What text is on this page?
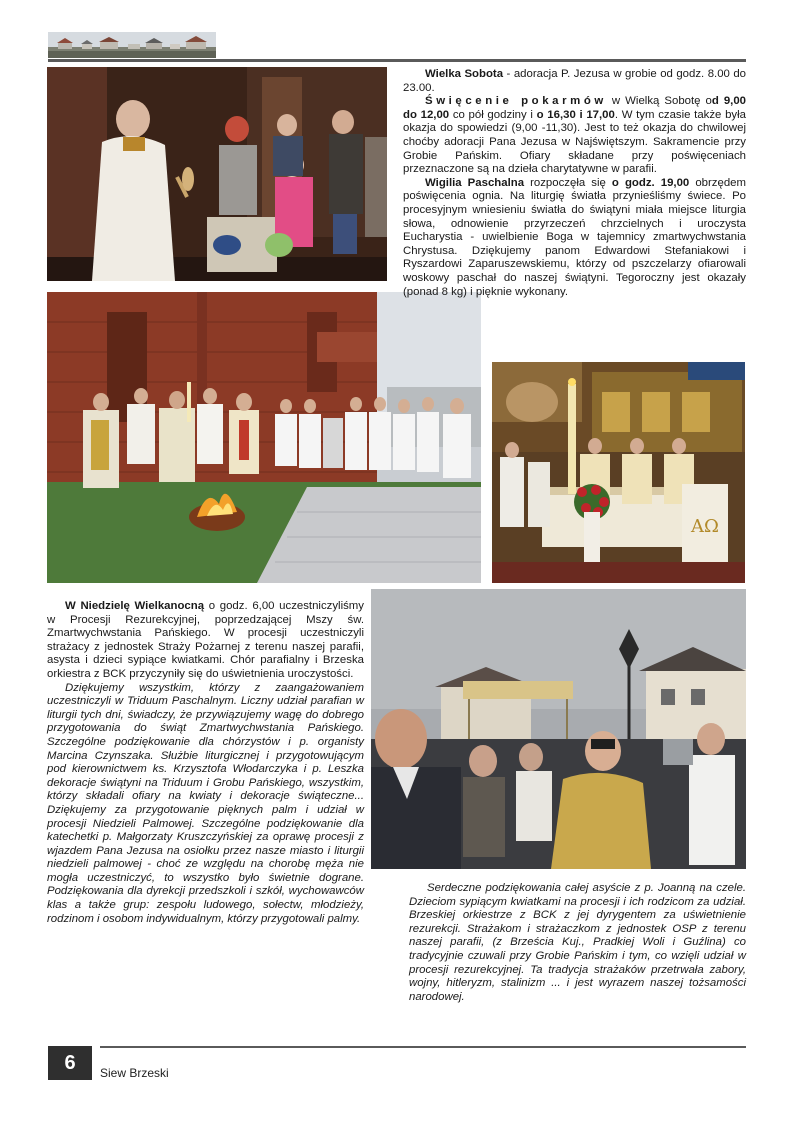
AΩ

Wielka Sobota - adoracja P. Jezusa w grobie od godz. 8.00 do 23.00.

Święcenie pokarmów w Wielką Sobotę od 9,00 do 12,00 co pół godziny i o 16,30 i 17,00. W tym czasie także była okazja do spowiedzi (9,00 -11,30). Jest to też okazja do chwilowej choćby adoracji Pana Jezusa w Najświętszym. Sakramencie przy Grobie Pańskim. Ofiary składane przy poświęceniach przeznaczone są na dzieła charytatywne w parafii.

Wigilia Paschalna rozpoczęła się o godz. 19,00 obrzędem poświęcenia ognia. Na liturgię światła przynieśliśmy świece. Po procesyjnym wniesieniu światła do świątyni miała miejsce liturgia słowa, odnowienie przyrzeczeń chrzcielnych i uroczysta Eucharystia - uwielbienie Boga w tajemnicy zmartwychwstania Chrystusa. Dziękujemy panom Edwardowi Stefaniakowi i Ryszardowi Zaparuszewskiemu, którzy od pszczelarzy ofiarowali woskowy paschał do naszej świątyni. Tegoroczny jest okazały (ponad 8 kg) i pięknie wykonany.

W Niedzielę Wielkanocną o godz. 6,00 uczestniczyliśmy w Procesji Rezurekcyjnej, poprzedzającej Mszy św. Zmartwychwstania Pańskiego. W procesji uczestniczyli strażacy z jednostek Straży Pożarnej z terenu naszej parafii, asysta i dzieci sypiące kwiatkami. Chór parafialny i Brzeska orkiestra z BCK przyczyniły się do uświetnienia uroczystości.

Dziękujemy wszystkim, którzy z zaangażowaniem uczestniczyli w Triduum Paschalnym. Liczny udział parafian w liturgii tych dni, świadczy, że przywiązujemy wagę do dobrego przygotowania do świąt Zmartwychwstania Pańskiego. Szczególne podziękowanie dla chórzystów i p. organisty Marcina Czynszaka. Służbie liturgicznej i przygotowującym pod kierownictwem ks. Krzysztofa Włodarczyka i p. Leszka dekoracje świątyni na Triduum i Grobu Pańskiego, wszystkim, którzy składali ofiary na kwiaty i dekoracje świąteczne... Dziękujemy za przygotowanie pięknych palm i udział w procesji Niedzieli Palmowej. Szczególne podziękowanie dla katechetki p. Małgorzaty Kruszczyńskiej za oprawę procesji z wjazdem Pana Jezusa na osiołku przez nasze miasto i liturgii niedzieli palmowej - choć ze względu na chorobę męża nie mogła uczestniczyć, to wszystko było świetnie dograne. Podziękowania dla dyrekcji przedszkoli i szkół, wychowawców klas a także grup: zespołu ludowego, sołectw, młodzieży, rodzinom i osobom indywidualnym, którzy przygotowali palmy.

Serdeczne podziękowania całej asyście z p. Joanną na czele. Dzieciom sypiącym kwiatkami na procesji i ich rodzicom za udział. Brzeskiej orkiestrze z BCK z jej dyrygentem za uświetnienie rezurekcji. Strażakom i strażaczkom z jednostek OSP z terenu naszej parafii, (z Brześcia Kuj., Pradkiej Woli i Guźlina) co tradycyjnie czuwali przy Grobie Pańskim i tym, co wzięli udział w procesji rezurekcyjnej. Ta tradycja strażaków przetrwała zabory, wojny, hitleryzm, stalinizm ... i jest wyrazem naszej tożsamości narodowej.

6	Siew Brzeski
